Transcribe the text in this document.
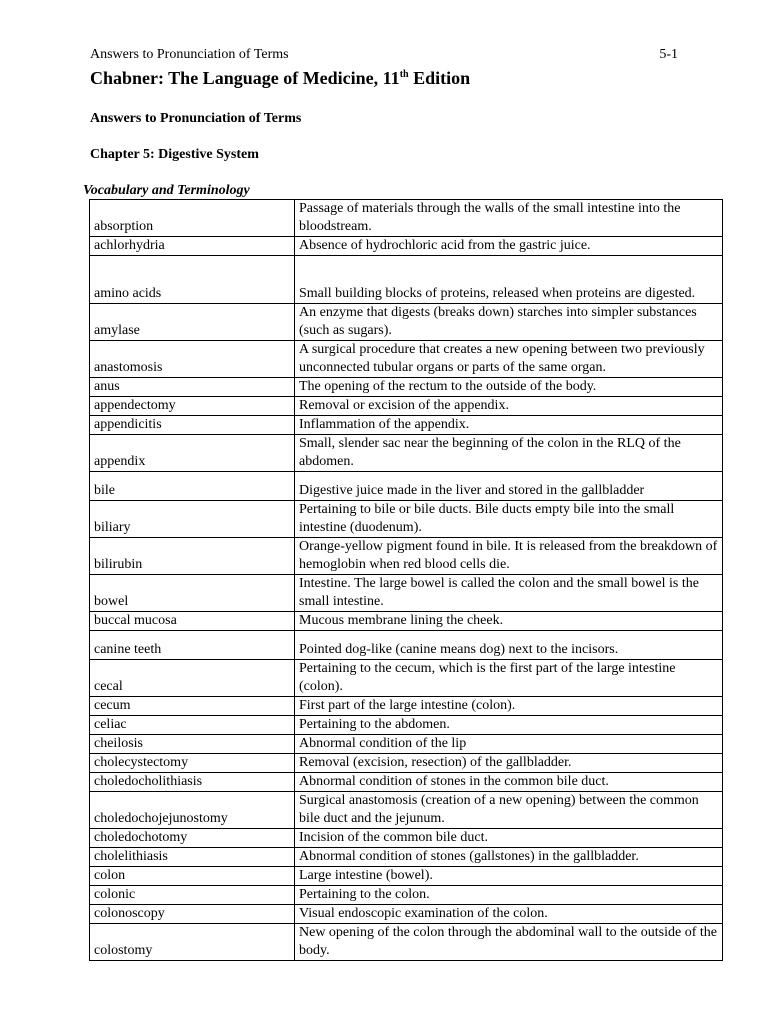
Answers to Pronunciation of Terms	5-1
Chabner: The Language of Medicine, 11th Edition
Answers to Pronunciation of Terms
Chapter 5: Digestive System
Vocabulary and Terminology
absorption	Passage of materials through the walls of the small intestine into the bloodstream.
achlorhydria	Absence of hydrochloric acid from the gastric juice.
amino acids	Small building blocks of proteins, released when proteins are digested.
amylase	An enzyme that digests (breaks down) starches into simpler substances (such as sugars).
anastomosis	A surgical procedure that creates a new opening between two previously unconnected tubular organs or parts of the same organ.
anus	The opening of the rectum to the outside of the body.
appendectomy	Removal or excision of the appendix.
appendicitis	Inflammation of the appendix.
appendix	Small, slender sac near the beginning of the colon in the RLQ of the abdomen.
bile	Digestive juice made in the liver and stored in the gallbladder
biliary	Pertaining to bile or bile ducts. Bile ducts empty bile into the small intestine (duodenum).
bilirubin	Orange-yellow pigment found in bile. It is released from the breakdown of hemoglobin when red blood cells die.
bowel	Intestine. The large bowel is called the colon and the small bowel is the small intestine.
buccal mucosa	Mucous membrane lining the cheek.
canine teeth	Pointed dog-like (canine means dog) next to the incisors.
cecal	Pertaining to the cecum, which is the first part of the large intestine (colon).
cecum	First part of the large intestine (colon).
celiac	Pertaining to the abdomen.
cheilosis	Abnormal condition of the lip
cholecystectomy	Removal (excision, resection) of the gallbladder.
choledocholithiasis	Abnormal condition of stones in the common bile duct.
choledochojejunostomy	Surgical anastomosis (creation of a new opening) between the common bile duct and the jejunum.
choledochotomy	Incision of the common bile duct.
cholelithiasis	Abnormal condition of stones (gallstones) in the gallbladder.
colon	Large intestine (bowel).
colonic	Pertaining to the colon.
colonoscopy	Visual endoscopic examination of the colon.
colostomy	New opening of the colon through the abdominal wall to the outside of the body.
